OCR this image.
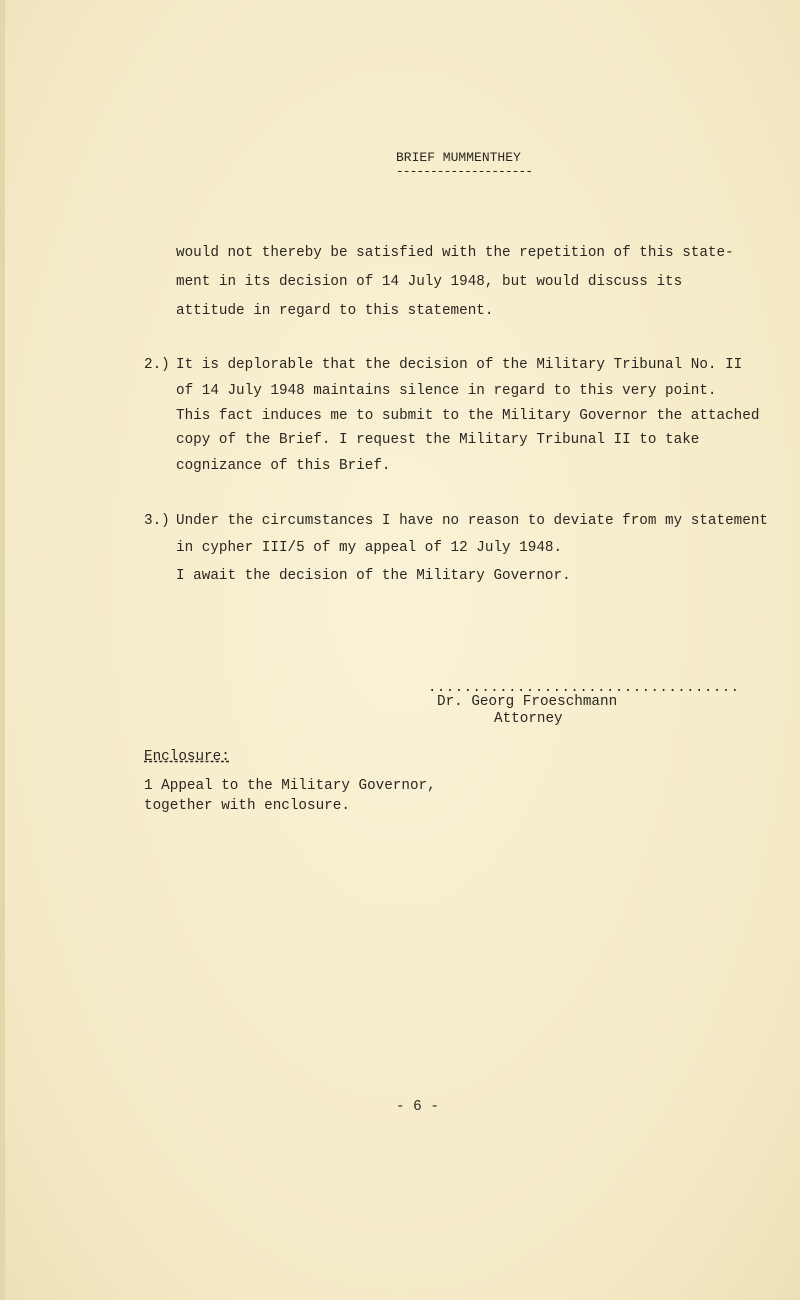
BRIEF MUMMENTHEY
--------------------
would not thereby be satisfied with the repetition of this state-
ment in its decision of 14 July 1948, but would discuss its
attitude in regard to this statement.
2.) It is deplorable that the decision of the Military Tribunal No. II
of 14 July 1948 maintains silence in regard to this very point.
This fact induces me to submit to the Military Governor the attached
copy of the Brief. I request the Military Tribunal II to take
cognizance of this Brief.
3.) Under the circumstances I have no reason to deviate from my statement
in cypher III/5 of my appeal of 12 July 1948.
I await the decision of the Military Governor.
...................................
Dr. Georg Froeschmann
Attorney
Enclosure:
1 Appeal to the Military Governor,
together with enclosure.
- 6 -
